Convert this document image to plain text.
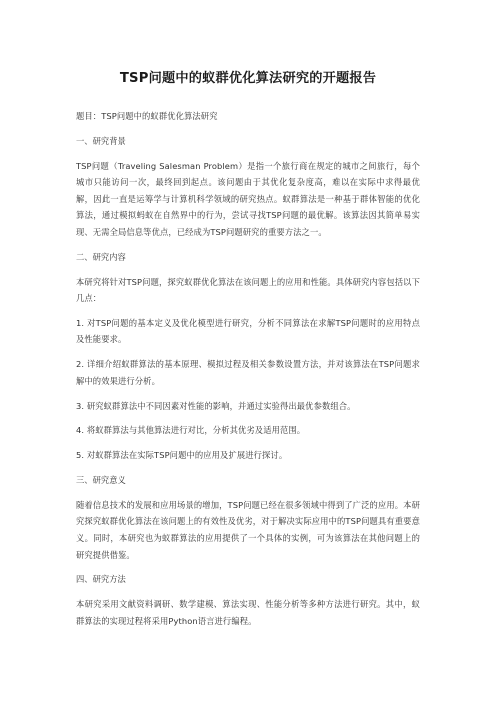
TSP问题中的蚁群优化算法研究的开题报告
题目：TSP问题中的蚁群优化算法研究
一、研究背景
TSP问题（Traveling Salesman Problem）是指一个旅行商在规定的城市之间旅行，每个城市只能访问一次，最终回到起点。该问题由于其优化复杂度高，难以在实际中求得最优解，因此一直是运筹学与计算机科学领域的研究热点。蚁群算法是一种基于群体智能的优化算法，通过模拟蚂蚁在自然界中的行为，尝试寻找TSP问题的最优解。该算法因其简单易实现、无需全局信息等优点，已经成为TSP问题研究的重要方法之一。
二、研究内容
本研究将针对TSP问题，探究蚁群优化算法在该问题上的应用和性能。具体研究内容包括以下几点：
1. 对TSP问题的基本定义及优化模型进行研究，分析不同算法在求解TSP问题时的应用特点及性能要求。
2. 详细介绍蚁群算法的基本原理、模拟过程及相关参数设置方法，并对该算法在TSP问题求解中的效果进行分析。
3. 研究蚁群算法中不同因素对性能的影响，并通过实验得出最优参数组合。
4. 将蚁群算法与其他算法进行对比，分析其优劣及适用范围。
5. 对蚁群算法在实际TSP问题中的应用及扩展进行探讨。
三、研究意义
随着信息技术的发展和应用场景的增加，TSP问题已经在很多领域中得到了广泛的应用。本研究探究蚁群优化算法在该问题上的有效性及优劣，对于解决实际应用中的TSP问题具有重要意义。同时，本研究也为蚁群算法的应用提供了一个具体的实例，可为该算法在其他问题上的研究提供借鉴。
四、研究方法
本研究采用文献资料调研、数学建模、算法实现、性能分析等多种方法进行研究。其中，蚁群算法的实现过程将采用Python语言进行编程。
